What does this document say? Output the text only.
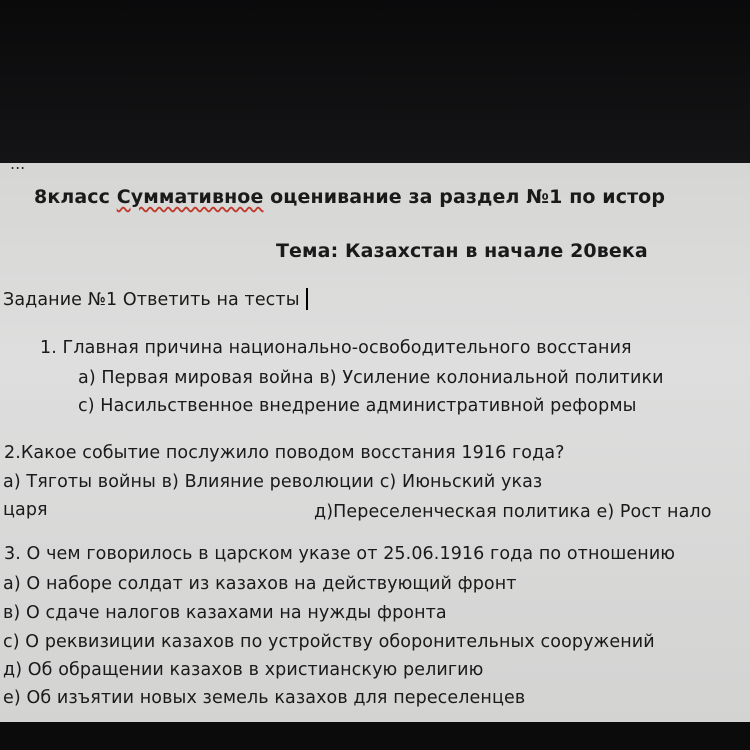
...
8класс Суммативное оценивание за раздел №1 по истор
Тема: Казахстан в начале 20века
Задание №1 Ответить на тесты
1. Главная причина национально-освободительного восстания
а) Первая мировая война в) Усиление колониальной политики
с) Насильственное внедрение административной реформы
2.Какое событие послужило поводом восстания 1916 года?
а) Тяготы войны в) Влияние революции с) Июньский указ
царя	д)Переселенческая политика е) Рост нало
3. О чем говорилось в царском указе от 25.06.1916 года по отношению
а) О наборе солдат из казахов на действующий фронт
в) О сдаче налогов казахами на нужды фронта
с) О реквизиции казахов по устройству оборонительных сооружений
д) Об обращении казахов в христианскую религию
е) Об изъятии новых земель казахов для переселенцев
